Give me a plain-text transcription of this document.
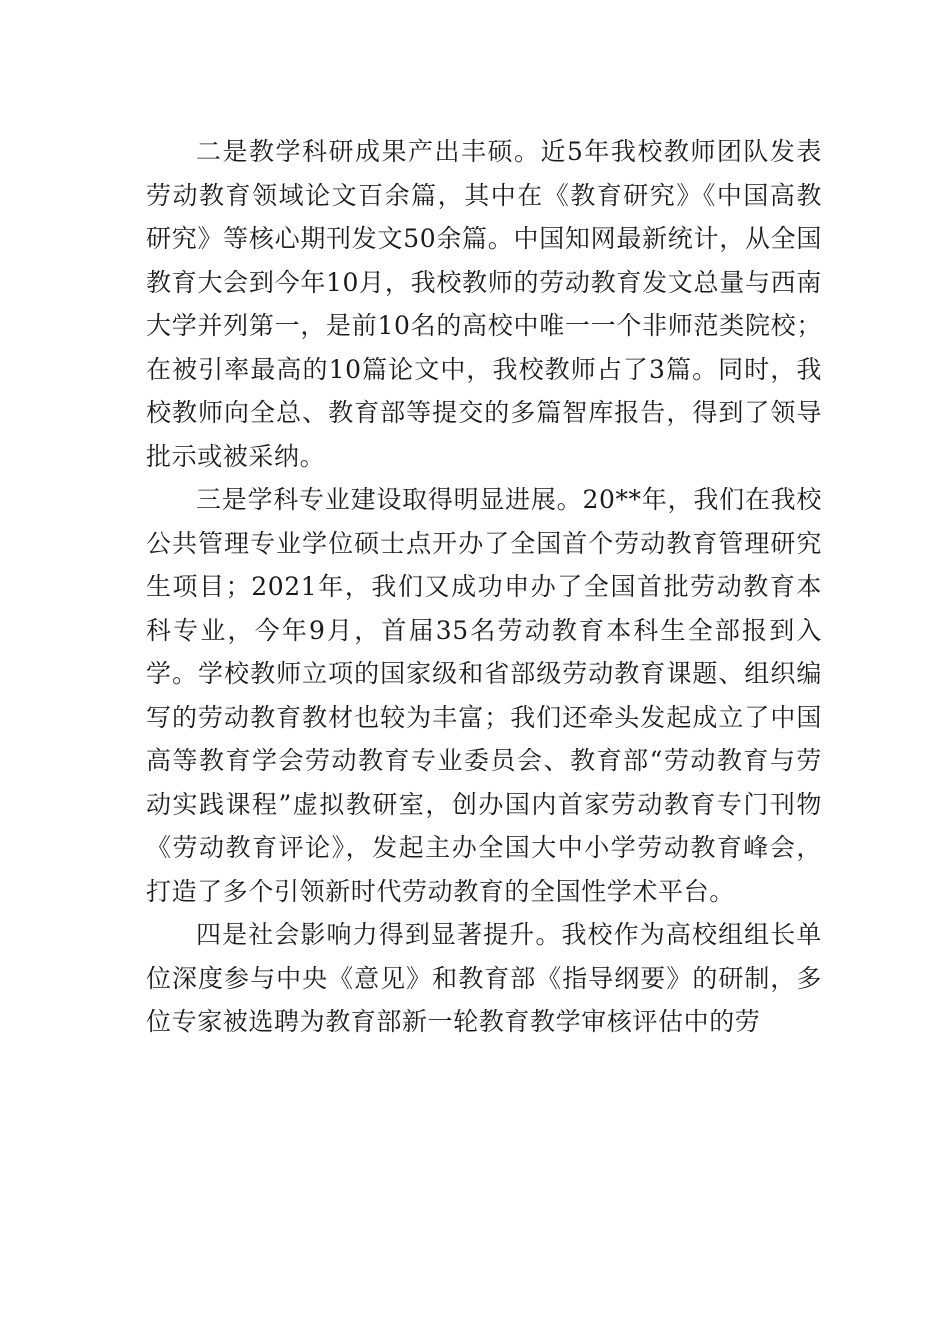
二是教学科研成果产出丰硕。近5年我校教师团队发表劳动教育领域论文百余篇，其中在《教育研究》《中国高教研究》等核心期刊发文50余篇。中国知网最新统计，从全国教育大会到今年10月，我校教师的劳动教育发文总量与西南大学并列第一，是前10名的高校中唯一一个非师范类院校；在被引率最高的10篇论文中，我校教师占了3篇。同时，我校教师向全总、教育部等提交的多篇智库报告，得到了领导批示或被采纳。

三是学科专业建设取得明显进展。20**年，我们在我校公共管理专业学位硕士点开办了全国首个劳动教育管理研究生项目；2021年，我们又成功申办了全国首批劳动教育本科专业，今年9月，首届35名劳动教育本科生全部报到入学。学校教师立项的国家级和省部级劳动教育课题、组织编写的劳动教育教材也较为丰富；我们还牵头发起成立了中国高等教育学会劳动教育专业委员会、教育部“劳动教育与劳动实践课程”虚拟教研室，创办国内首家劳动教育专门刊物《劳动教育评论》，发起主办全国大中小学劳动教育峰会，打造了多个引领新时代劳动教育的全国性学术平台。

四是社会影响力得到显著提升。我校作为高校组组长单位深度参与中央《意见》和教育部《指导纲要》的研制，多位专家被选聘为教育部新一轮教育教学审核评估中的劳
